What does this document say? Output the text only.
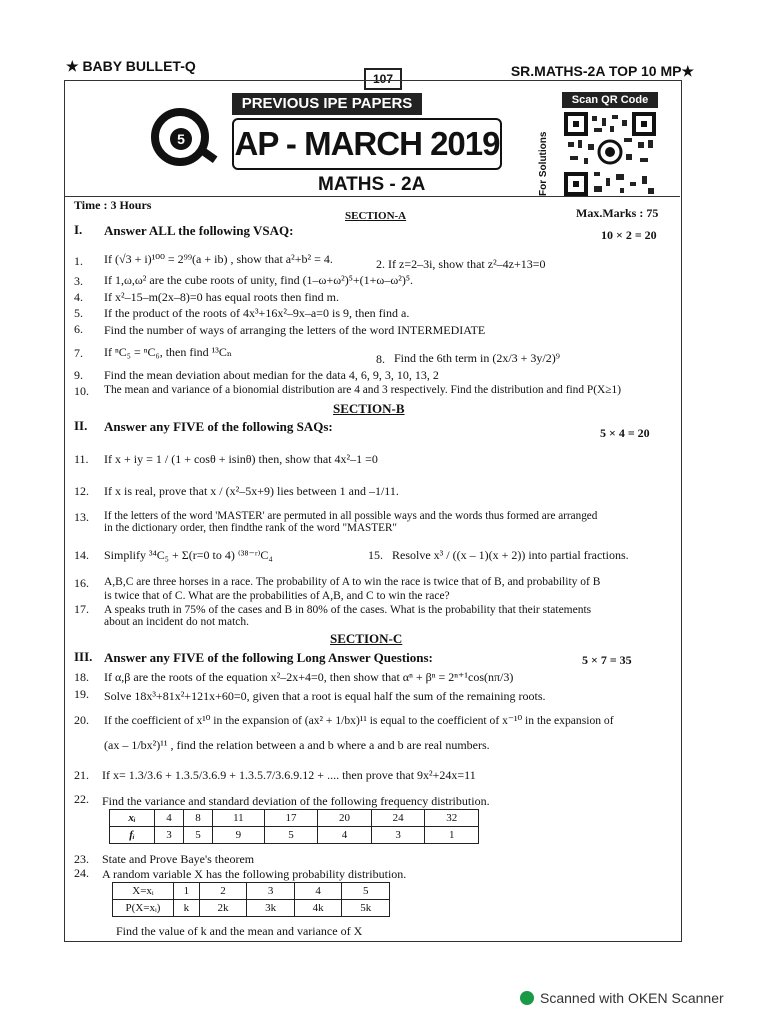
★ BABY BULLET-Q	SR.MATHS-2A TOP 10 MP★
107
5
PREVIOUS IPE PAPERS
AP - MARCH 2019
MATHS - 2A
Scan QR Code
For Solutions
Time : 3 Hours
Max.Marks : 75
SECTION-A
I. Answer ALL the following VSAQ:	10 × 2 = 20
1. If (√3 + i)¹⁰⁰ = 2⁹⁹(a + ib) , show that a²+b² = 4.	2. If z=2–3i, show that z²–4z+13=0
3. If 1,ω,ω² are the cube roots of unity, find (1–ω+ω²)⁵+(1+ω–ω²)⁵.
4. If x²–15–m(2x–8)=0 has equal roots then find m.
5. If the product of the roots of 4x³+16x²–9x–a=0 is 9, then find a.
6. Find the number of ways of arranging the letters of the word INTERMEDIATE
7. If ⁿC₅ = ⁿC₆, then find ¹³Cₙ	8. Find the 6th term in (2x/3 + 3y/2)⁹
9. Find the mean deviation about median for the data 4, 6, 9, 3, 10, 13, 2
10. The mean and variance of a bionomial distribution are 4 and 3 respectively. Find the distribution and find P(X≥1)
SECTION-B
II. Answer any FIVE of the following SAQs:	5 × 4 = 20
11. If x + iy = 1 / (1 + cosθ + isinθ) then, show that 4x²–1 =0
12. If x is real, prove that x / (x²–5x+9) lies between 1 and –1/11.
13. If the letters of the word 'MASTER' are permuted in all possible ways and the words thus formed are arranged
in the dictionary order, then findthe rank of the word "MASTER"
14. Simplify ³⁴C₅ + Σ(r=0 to 4) ⁽³⁸⁻ʳ⁾C₄	15. Resolve x³ / ((x – 1)(x + 2)) into partial fractions.
16. A,B,C are three horses in a race. The probability of A to win the race is twice that of B, and probability of B
is twice that of C. What are the probabilities of A,B, and C to win the race?
17. A speaks truth in 75% of the cases and B in 80% of the cases. What is the probability that their statements
about an incident do not match.
SECTION-C
III. Answer any FIVE of the following Long Answer Questions:	5 × 7 = 35
18. If α,β are the roots of the equation x²–2x+4=0, then show that αⁿ + βⁿ = 2ⁿ⁺¹cos(nπ/3)
19. Solve 18x³+81x²+121x+60=0, given that a root is equal half the sum of the remaining roots.
20. If the coefficient of x¹⁰ in the expansion of (ax² + 1/bx)¹¹ is equal to the coefficient of x⁻¹⁰ in the expansion of
(ax – 1/bx²)¹¹ , find the relation between a and b where a and b are real numbers.
21. If x= 1.3/3.6 + 1.3.5/3.6.9 + 1.3.5.7/3.6.9.12 + .... then prove that 9x²+24x=11
22. Find the variance and standard deviation of the following frequency distribution.
xᵢ	4	8	11	17	20	24	32
fᵢ	3	5	9	5	4	3	1
23. State and Prove Baye's theorem
24. A random variable X has the following probability distribution.
X=xᵢ	1	2	3	4	5
P(X=xᵢ)	k	2k	3k	4k	5k
Find the value of k and the mean and variance of X
Scanned with OKEN Scanner
